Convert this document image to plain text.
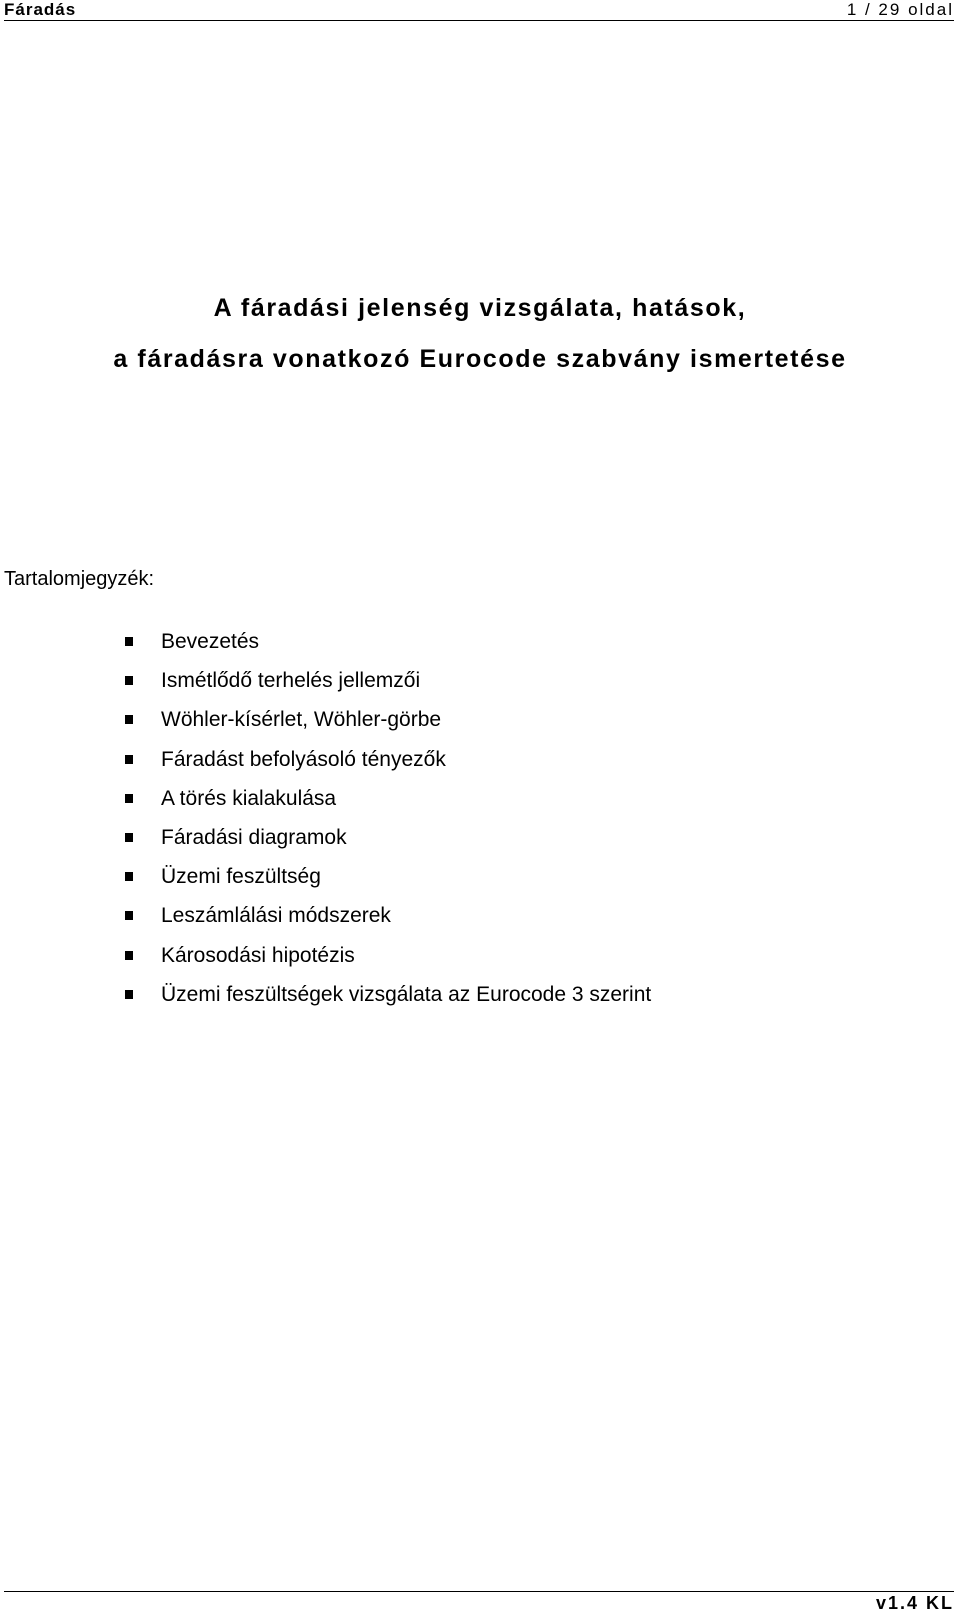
Fáradás	1 / 29 oldal
A fáradási jelenség vizsgálata, hatások,
a fáradásra vonatkozó Eurocode szabvány ismertetése
Tartalomjegyzék:
Bevezetés
Ismétlődő terhelés jellemzői
Wöhler-kísérlet, Wöhler-görbe
Fáradást befolyásoló tényezők
A törés kialakulása
Fáradási diagramok
Üzemi feszültség
Leszámlálási módszerek
Károsodási hipotézis
Üzemi feszültségek vizsgálata az Eurocode 3 szerint
v1.4 KL
